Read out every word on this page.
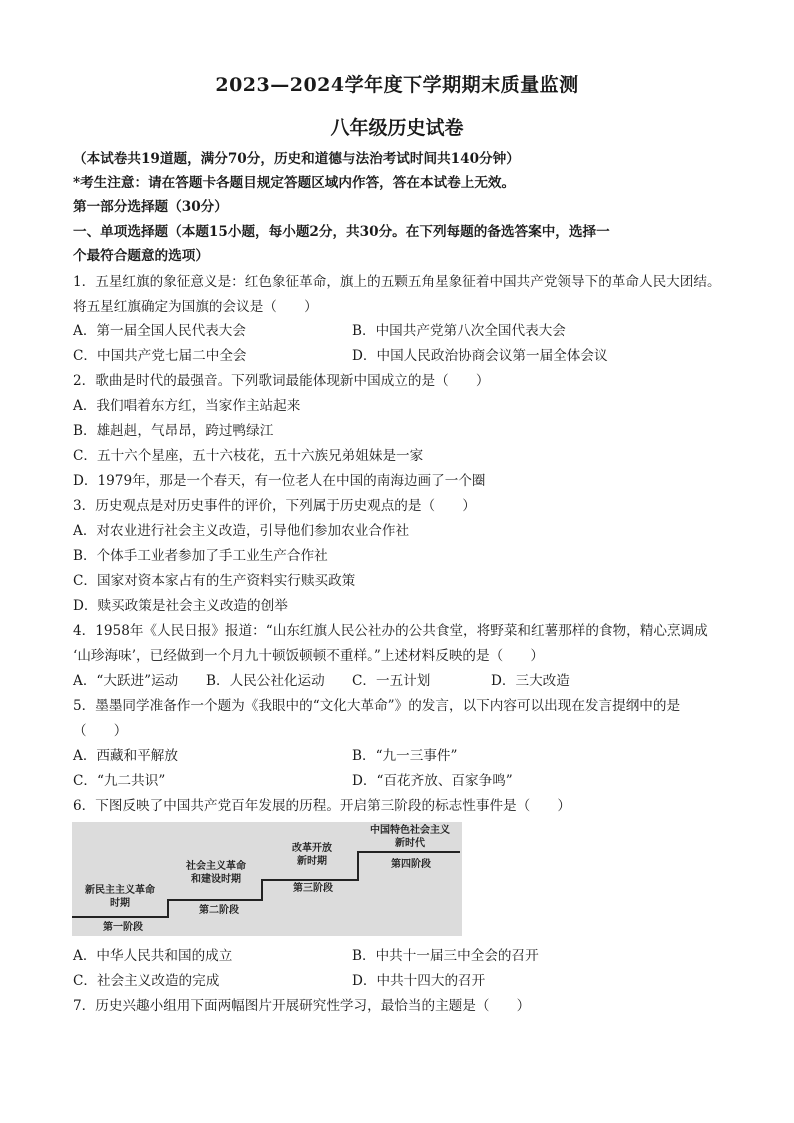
2023—2024学年度下学期期末质量监测
八年级历史试卷
（本试卷共19道题，满分70分，历史和道德与法治考试时间共140分钟）
*考生注意：请在答题卡各题目规定答题区域内作答，答在本试卷上无效。
第一部分选择题（30分）
一、单项选择题（本题15小题，每小题2分，共30分。在下列每题的备选答案中，选择一
个最符合题意的选项）
1．五星红旗的象征意义是：红色象征革命，旗上的五颗五角星象征着中国共产党领导下的革命人民大团结。
将五星红旗确定为国旗的会议是（　　）
A．第一届全国人民代表大会	B．中国共产党第八次全国代表大会
C．中国共产党七届二中全会	D．中国人民政治协商会议第一届全体会议
2．歌曲是时代的最强音。下列歌词最能体现新中国成立的是（　　）
A．我们唱着东方红，当家作主站起来
B．雄赳赳，气昂昂，跨过鸭绿江
C．五十六个星座，五十六枝花，五十六族兄弟姐妹是一家
D．1979年，那是一个春天，有一位老人在中国的南海边画了一个圈
3．历史观点是对历史事件的评价，下列属于历史观点的是（　　）
A．对农业进行社会主义改造，引导他们参加农业合作社
B．个体手工业者参加了手工业生产合作社
C．国家对资本家占有的生产资料实行赎买政策
D．赎买政策是社会主义改造的创举
4．1958年《人民日报》报道：“山东红旗人民公社办的公共食堂，将野菜和红薯那样的食物，精心烹调成
‘山珍海味’，已经做到一个月九十顿饭顿顿不重样。”上述材料反映的是（　　）
A．“大跃进”运动 B．人民公社化运动 C．一五计划	D．三大改造
5．墨墨同学准备作一个题为《我眼中的“文化大革命”》的发言，以下内容可以出现在发言提纲中的是
（　　）
A．西藏和平解放	B．“九一三事件”
C．“九二共识”	D．“百花齐放、百家争鸣”
6．下图反映了中国共产党百年发展的历程。开启第三阶段的标志性事件是（　　）
新民主主义革命
时期
第一阶段
社会主义革命
和建设时期
第二阶段
改革开放
新时期
第三阶段
中国特色社会主义
新时代
第四阶段
A．中华人民共和国的成立	B．中共十一届三中全会的召开
C．社会主义改造的完成	D．中共十四大的召开
7．历史兴趣小组用下面两幅图片开展研究性学习，最恰当的主题是（　　）
